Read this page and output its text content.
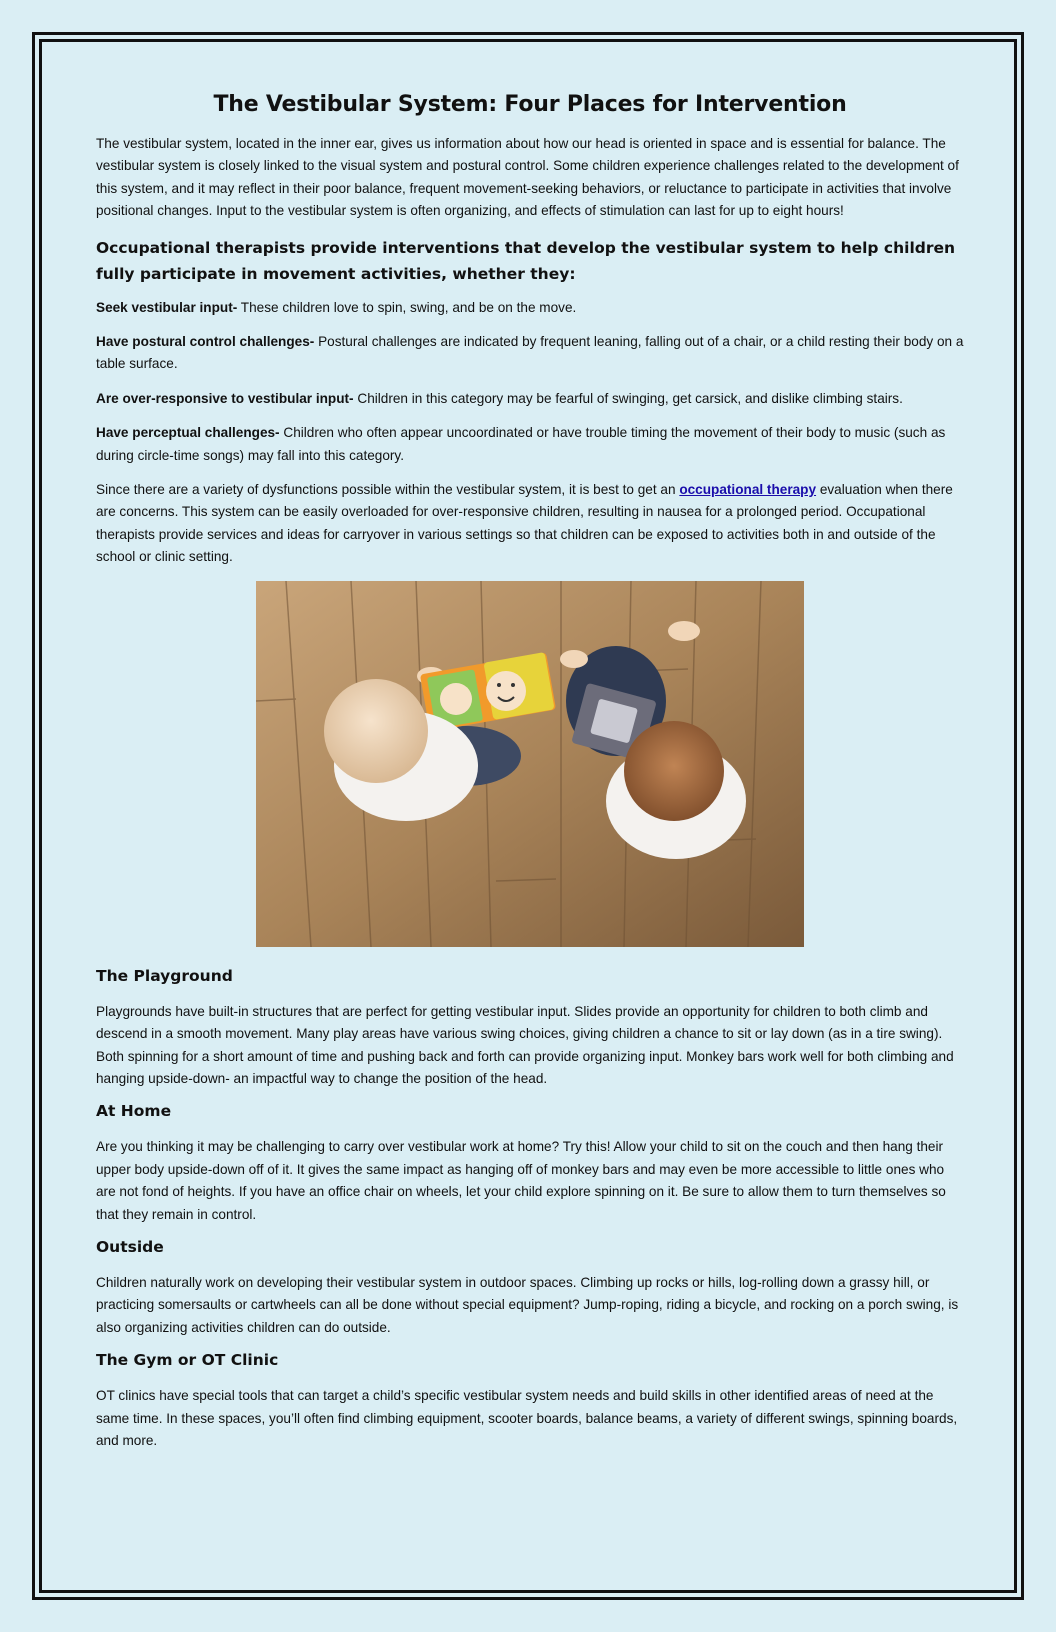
The Vestibular System: Four Places for Intervention

The vestibular system, located in the inner ear, gives us information about how our head is oriented in space and is essential for balance. The vestibular system is closely linked to the visual system and postural control. Some children experience challenges related to the development of this system, and it may reflect in their poor balance, frequent movement-seeking behaviors, or reluctance to participate in activities that involve positional changes. Input to the vestibular system is often organizing, and effects of stimulation can last for up to eight hours!

Occupational therapists provide interventions that develop the vestibular system to help children fully participate in movement activities, whether they:

Seek vestibular input- These children love to spin, swing, and be on the move.

Have postural control challenges- Postural challenges are indicated by frequent leaning, falling out of a chair, or a child resting their body on a table surface.

Are over-responsive to vestibular input- Children in this category may be fearful of swinging, get carsick, and dislike climbing stairs.

Have perceptual challenges- Children who often appear uncoordinated or have trouble timing the movement of their body to music (such as during circle-time songs) may fall into this category.

Since there are a variety of dysfunctions possible within the vestibular system, it is best to get an occupational therapy evaluation when there are concerns. This system can be easily overloaded for over-responsive children, resulting in nausea for a prolonged period. Occupational therapists provide services and ideas for carryover in various settings so that children can be exposed to activities both in and outside of the school or clinic setting.

The Playground

Playgrounds have built-in structures that are perfect for getting vestibular input. Slides provide an opportunity for children to both climb and descend in a smooth movement. Many play areas have various swing choices, giving children a chance to sit or lay down (as in a tire swing). Both spinning for a short amount of time and pushing back and forth can provide organizing input. Monkey bars work well for both climbing and hanging upside-down- an impactful way to change the position of the head.

At Home

Are you thinking it may be challenging to carry over vestibular work at home? Try this! Allow your child to sit on the couch and then hang their upper body upside-down off of it. It gives the same impact as hanging off of monkey bars and may even be more accessible to little ones who are not fond of heights. If you have an office chair on wheels, let your child explore spinning on it. Be sure to allow them to turn themselves so that they remain in control.

Outside

Children naturally work on developing their vestibular system in outdoor spaces. Climbing up rocks or hills, log-rolling down a grassy hill, or practicing somersaults or cartwheels can all be done without special equipment? Jump-roping, riding a bicycle, and rocking on a porch swing, is also organizing activities children can do outside.

The Gym or OT Clinic

OT clinics have special tools that can target a child’s specific vestibular system needs and build skills in other identified areas of need at the same time. In these spaces, you’ll often find climbing equipment, scooter boards, balance beams, a variety of different swings, spinning boards, and more.
